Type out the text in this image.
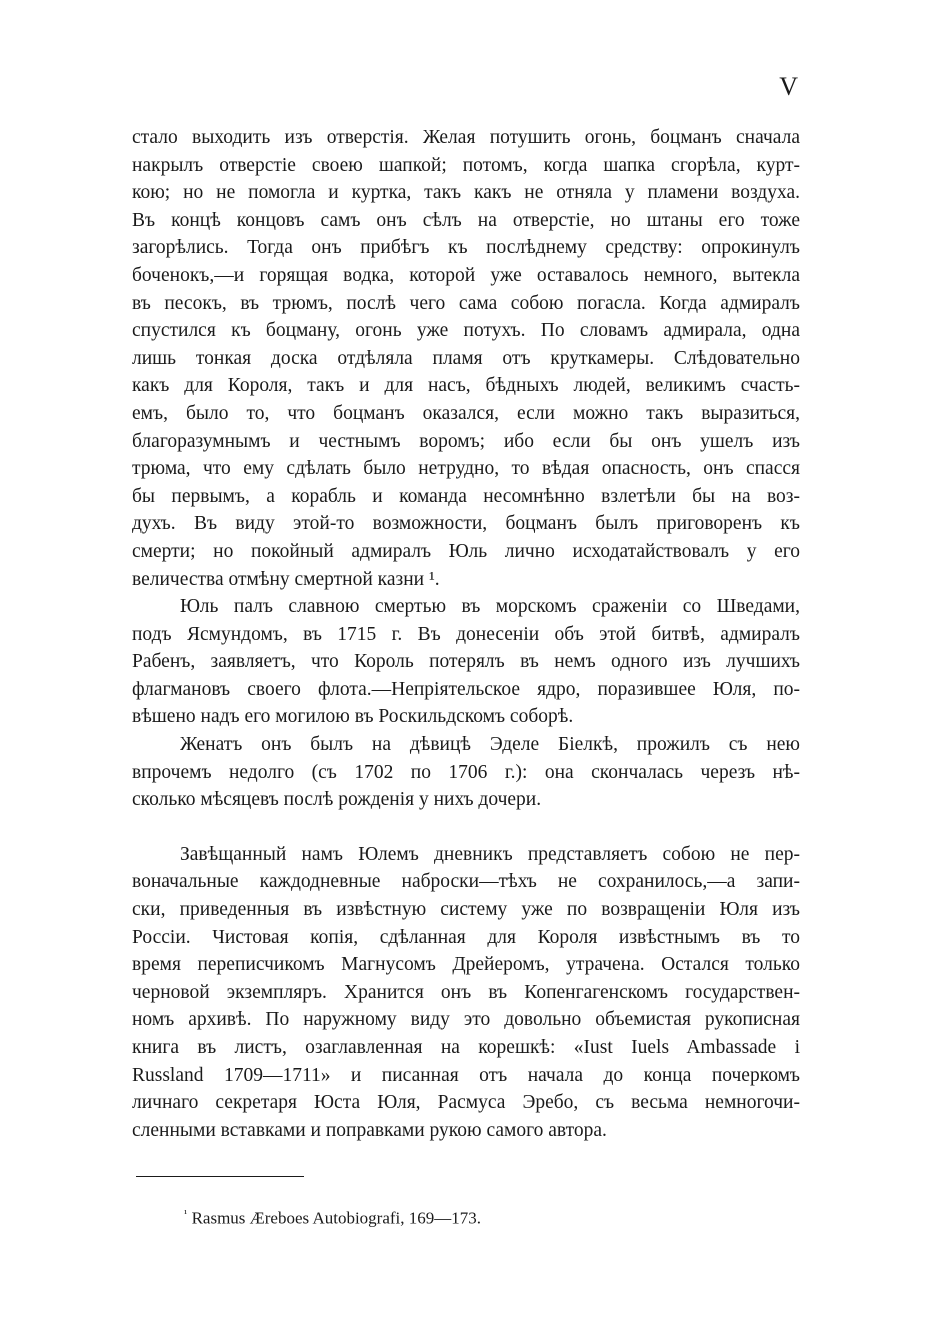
V
стало выходить изъ отверстія. Желая потушить огонь, боцманъ сначала
накрылъ отверстіе своею шапкой; потомъ, когда шапка сгорѣла, курт-
кою; но не помогла и куртка, такъ какъ не отняла у пламени воздуха.
Въ концѣ концовъ самъ онъ сѣлъ на отверстіе, но штаны его тоже
загорѣлись. Тогда онъ прибѣгъ къ послѣднему средству: опрокинулъ
боченокъ,—и горящая водка, которой уже оставалось немного, вытекла
въ песокъ, въ трюмъ, послѣ чего сама собою погасла. Когда адмиралъ
спустился къ боцману, огонь уже потухъ. По словамъ адмирала, одна
лишь тонкая доска отдѣляла пламя отъ круткамеры. Слѣдовательно
какъ для Короля, такъ и для насъ, бѣдныхъ людей, великимъ счасть-
емъ, было то, что боцманъ оказался, если можно такъ выразиться,
благоразумнымъ и честнымъ воромъ; ибо если бы онъ ушелъ изъ
трюма, что ему сдѣлать было нетрудно, то вѣдая опасность, онъ спасся
бы первымъ, а корабль и команда несомнѣнно взлетѣли бы на воз-
духъ. Въ виду этой-то возможности, боцманъ былъ приговоренъ къ
смерти; но покойный адмиралъ Юль лично исходатайствовалъ у его
величества отмѣну смертной казни ¹.
Юль палъ славною смертью въ морскомъ сраженіи со Шведами,
подъ Ясмундомъ, въ 1715 г. Въ донесеніи объ этой битвѣ, адмиралъ
Рабенъ, заявляетъ, что Король потерялъ въ немъ одного изъ лучшихъ
флагмановъ своего флота.—Непріятельское ядро, поразившее Юля, по-
вѣшено надъ его могилою въ Роскильдскомъ соборѣ.
Женатъ онъ былъ на дѣвицѣ Эделе Біелкѣ, прожилъ съ нею
впрочемъ недолго (съ 1702 по 1706 г.): она скончалась черезъ нѣ-
сколько мѣсяцевъ послѣ рожденія у нихъ дочери.
Завѣщанный намъ Юлемъ дневникъ представляетъ собою не пер-
воначальные каждодневные наброски—тѣхъ не сохранилось,—а запи-
ски, приведенныя въ извѣстную систему уже по возвращеніи Юля изъ
Россіи. Чистовая копія, сдѣланная для Короля извѣстнымъ въ то
время переписчикомъ Магнусомъ Дрейеромъ, утрачена. Остался только
черновой экземпляръ. Хранится онъ въ Копенгагенскомъ государствен-
номъ архивѣ. По наружному виду это довольно объемистая рукописная
книга въ листъ, озаглавленная на корешкѣ: «Iust Iuels Ambassade i
Russland 1709—1711» и писанная отъ начала до конца почеркомъ
личнаго секретаря Юста Юля, Расмуса Эребо, съ весьма немногочи-
сленными вставками и поправками рукою самого автора.
$^{^1}$ Rasmus Æreboes Autobiografi, 169—173.
